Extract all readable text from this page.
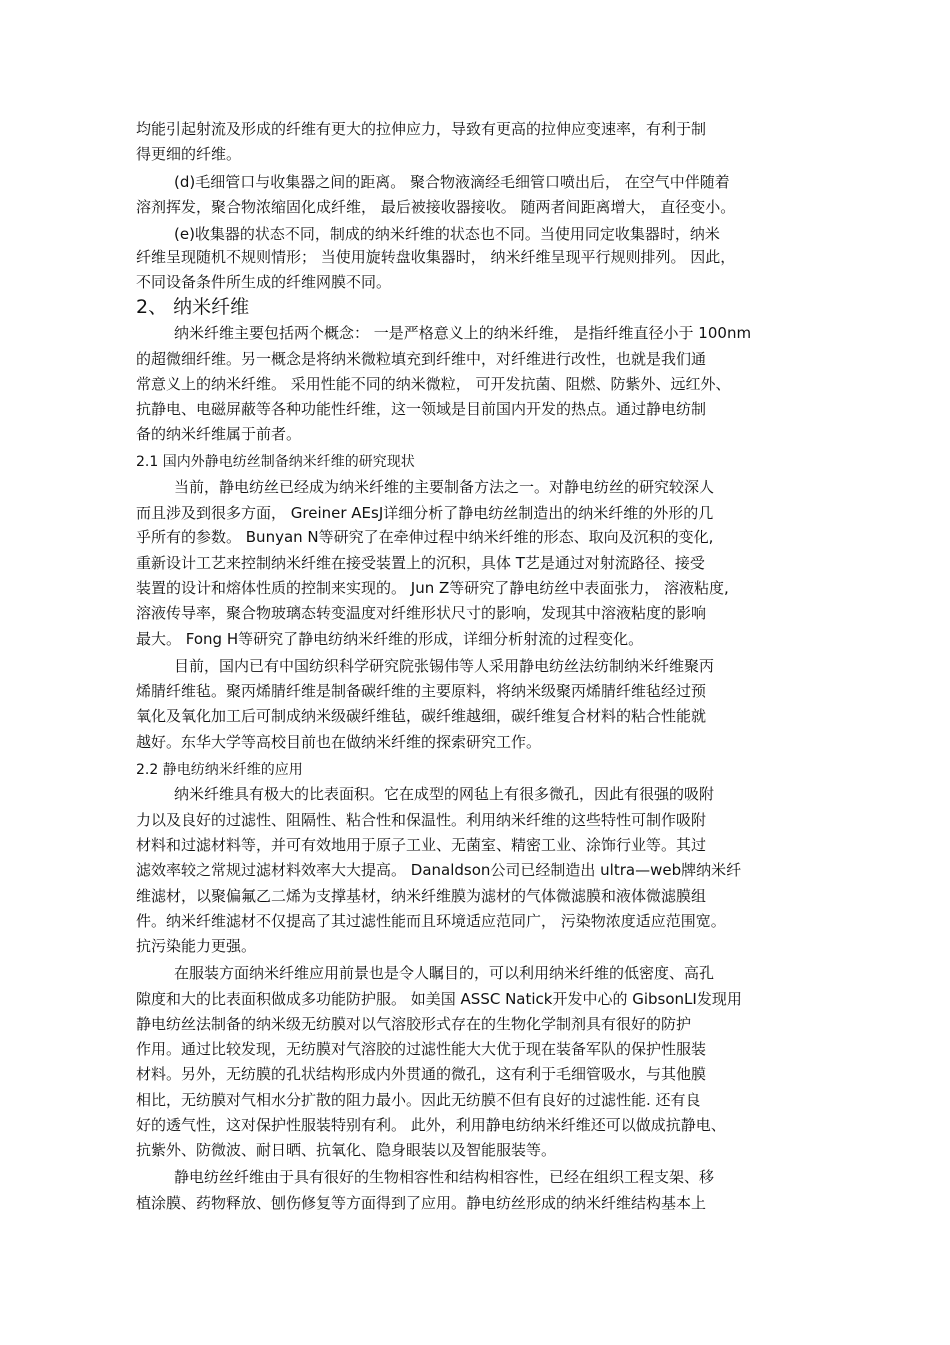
均能引起射流及形成的纤维有更大的拉伸应力，导致有更高的拉伸应变速率，有利于制
得更细的纤维。
(d)毛细管口与收集器之间的距离。 聚合物液滴经毛细管口喷出后， 在空气中伴随着
溶剂挥发，聚合物浓缩固化成纤维， 最后被接收器接收。 随两者间距离增大， 直径变小。
(e)收集器的状态不同，制成的纳米纤维的状态也不同。当使用同定收集器时，纳米
纤维呈现随机不规则情形； 当使用旋转盘收集器时， 纳米纤维呈现平行规则排列。 因此，
不同设备条件所生成的纤维网膜不同。
2、 纳米纤维
纳米纤维主要包括两个概念： 一是严格意义上的纳米纤维， 是指纤维直径小于 100nm
的超微细纤维。另一概念是将纳米微粒填充到纤维中，对纤维进行改性，也就是我们通
常意义上的纳米纤维。 采用性能不同的纳米微粒， 可开发抗菌、阻燃、防紫外、远红外、
抗静电、电磁屏蔽等各种功能性纤维，这一领域是目前国内开发的热点。通过静电纺制
备的纳米纤维属于前者。
2.1 国内外静电纺丝制备纳米纤维的研究现状
当前，静电纺丝已经成为纳米纤维的主要制备方法之一。对静电纺丝的研究较深人
而且涉及到很多方面， Greiner AEsJ详细分析了静电纺丝制造出的纳米纤维的外形的几
乎所有的参数。 Bunyan N等研究了在牵伸过程中纳米纤维的形态、取向及沉积的变化,
重新设计工艺来控制纳米纤维在接受装置上的沉积，具体 T艺是通过对射流路径、接受
装置的设计和熔体性质的控制来实现的。 Jun Z等研究了静电纺丝中表面张力， 溶液粘度,
溶液传导率，聚合物玻璃态转变温度对纤维形状尺寸的影响，发现其中溶液粘度的影响
最大。 Fong H等研究了静电纺纳米纤维的形成，详细分析射流的过程变化。
目前，国内已有中国纺织科学研究院张锡伟等人采用静电纺丝法纺制纳米纤维聚丙
烯腈纤维毡。聚丙烯腈纤维是制备碳纤维的主要原料，将纳米级聚丙烯腈纤维毡经过预
氧化及氧化加工后可制成纳米级碳纤维毡，碳纤维越细，碳纤维复合材料的粘合性能就
越好。东华大学等高校目前也在做纳米纤维的探索研究工作。
2.2 静电纺纳米纤维的应用
纳米纤维具有极大的比表面积。它在成型的网毡上有很多微孔，因此有很强的吸附
力以及良好的过滤性、阻隔性、粘合性和保温性。利用纳米纤维的这些特性可制作吸附
材料和过滤材料等，并可有效地用于原子工业、无菌室、精密工业、涂饰行业等。其过
滤效率较之常规过滤材料效率大大提高。 Danaldson公司已经制造出 ultra—web牌纳米纤
维滤材，以聚偏氟乙二烯为支撑基材，纳米纤维膜为滤材的气体微滤膜和液体微滤膜组
件。纳米纤维滤材不仅提高了其过滤性能而且环境适应范同广， 污染物浓度适应范围宽。
抗污染能力更强。
在服装方面纳米纤维应用前景也是令人瞩目的，可以利用纳米纤维的低密度、高孔
隙度和大的比表面积做成多功能防护服。 如美国 ASSC Natick开发中心的 GibsonLI发现用
静电纺丝法制备的纳米级无纺膜对以气溶胶形式存在的生物化学制剂具有很好的防护
作用。通过比较发现，无纺膜对气溶胶的过滤性能大大优于现在装备军队的保护性服装
材料。另外，无纺膜的孔状结构形成内外贯通的微孔，这有利于毛细管吸水，与其他膜
相比，无纺膜对气相水分扩散的阻力最小。因此无纺膜不但有良好的过滤性能. 还有良
好的透气性，这对保护性服装特别有利。 此外，利用静电纺纳米纤维还可以做成抗静电、
抗紫外、防微波、耐日晒、抗氧化、隐身眼装以及智能服装等。
静电纺丝纤维由于具有很好的生物相容性和结构相容性，已经在组织工程支架、移
植涂膜、药物释放、刨伤修复等方面得到了应用。静电纺丝形成的纳米纤维结构基本上
